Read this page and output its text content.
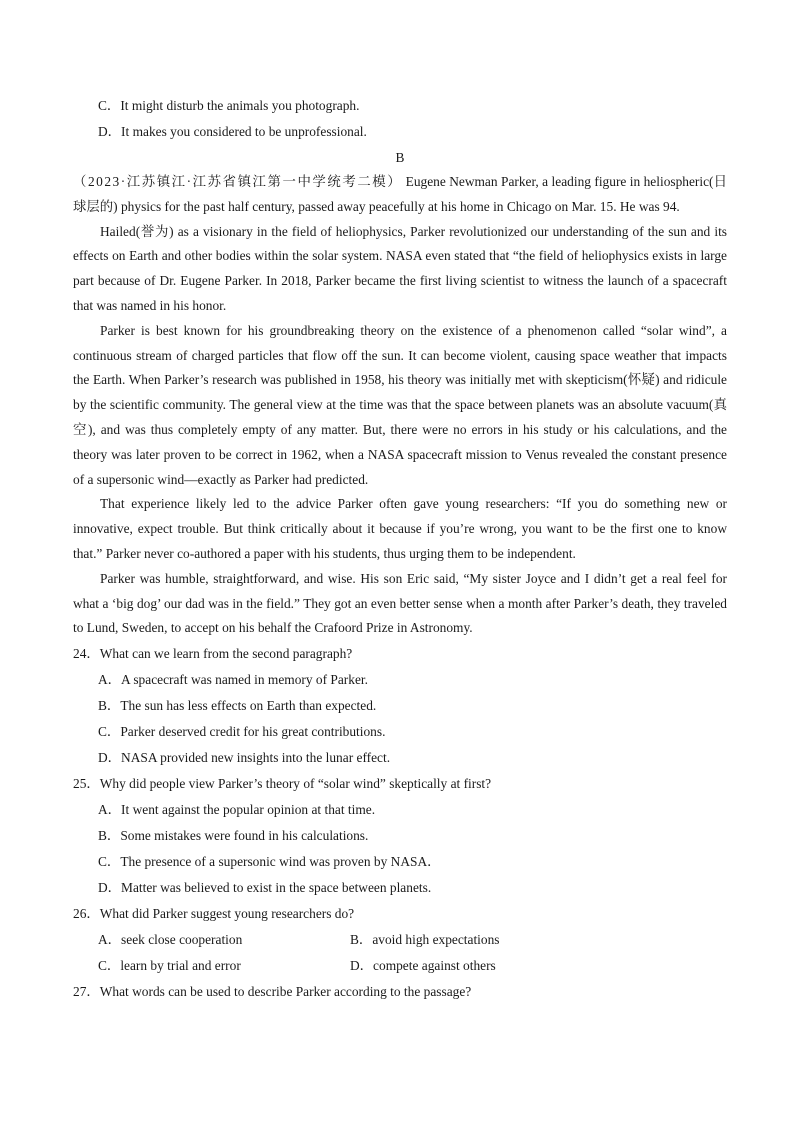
C．It might disturb the animals you photograph.

D．It makes you considered to be unprofessional.

B

（2023·江苏镇江·江苏省镇江第一中学统考二模） Eugene Newman Parker, a leading figure in heliospheric(日球层的) physics for the past half century, passed away peacefully at his home in Chicago on Mar. 15. He was 94.

Hailed(誉为) as a visionary in the field of heliophysics, Parker revolutionized our understanding of the sun and its effects on Earth and other bodies within the solar system. NASA even stated that “the field of heliophysics exists in large part because of Dr. Eugene Parker. In 2018, Parker became the first living scientist to witness the launch of a spacecraft that was named in his honor.

Parker is best known for his groundbreaking theory on the existence of a phenomenon called “solar wind”, a continuous stream of charged particles that flow off the sun. It can become violent, causing space weather that impacts the Earth. When Parker’s research was published in 1958, his theory was initially met with skepticism(怀疑) and ridicule by the scientific community. The general view at the time was that the space between planets was an absolute vacuum(真空), and was thus completely empty of any matter. But, there were no errors in his study or his calculations, and the theory was later proven to be correct in 1962, when a NASA spacecraft mission to Venus revealed the constant presence of a supersonic wind—exactly as Parker had predicted.

That experience likely led to the advice Parker often gave young researchers: “If you do something new or innovative, expect trouble. But think critically about it because if you’re wrong, you want to be the first one to know that.” Parker never co-authored a paper with his students, thus urging them to be independent.

Parker was humble, straightforward, and wise. His son Eric said, “My sister Joyce and I didn’t get a real feel for what a ‘big dog’ our dad was in the field.” They got an even better sense when a month after Parker’s death, they traveled to Lund, Sweden, to accept on his behalf the Crafoord Prize in Astronomy.

24．What can we learn from the second paragraph?

A．A spacecraft was named in memory of Parker.

B．The sun has less effects on Earth than expected.

C．Parker deserved credit for his great contributions.

D．NASA provided new insights into the lunar effect.

25．Why did people view Parker’s theory of “solar wind” skeptically at first?

A．It went against the popular opinion at that time.

B．Some mistakes were found in his calculations.

C．The presence of a supersonic wind was proven by NASA．

D．Matter was believed to exist in the space between planets.

26．What did Parker suggest young researchers do?

A．seek close cooperation	B．avoid high expectations
C．learn by trial and error	D．compete against others

27．What words can be used to describe Parker according to the passage?
